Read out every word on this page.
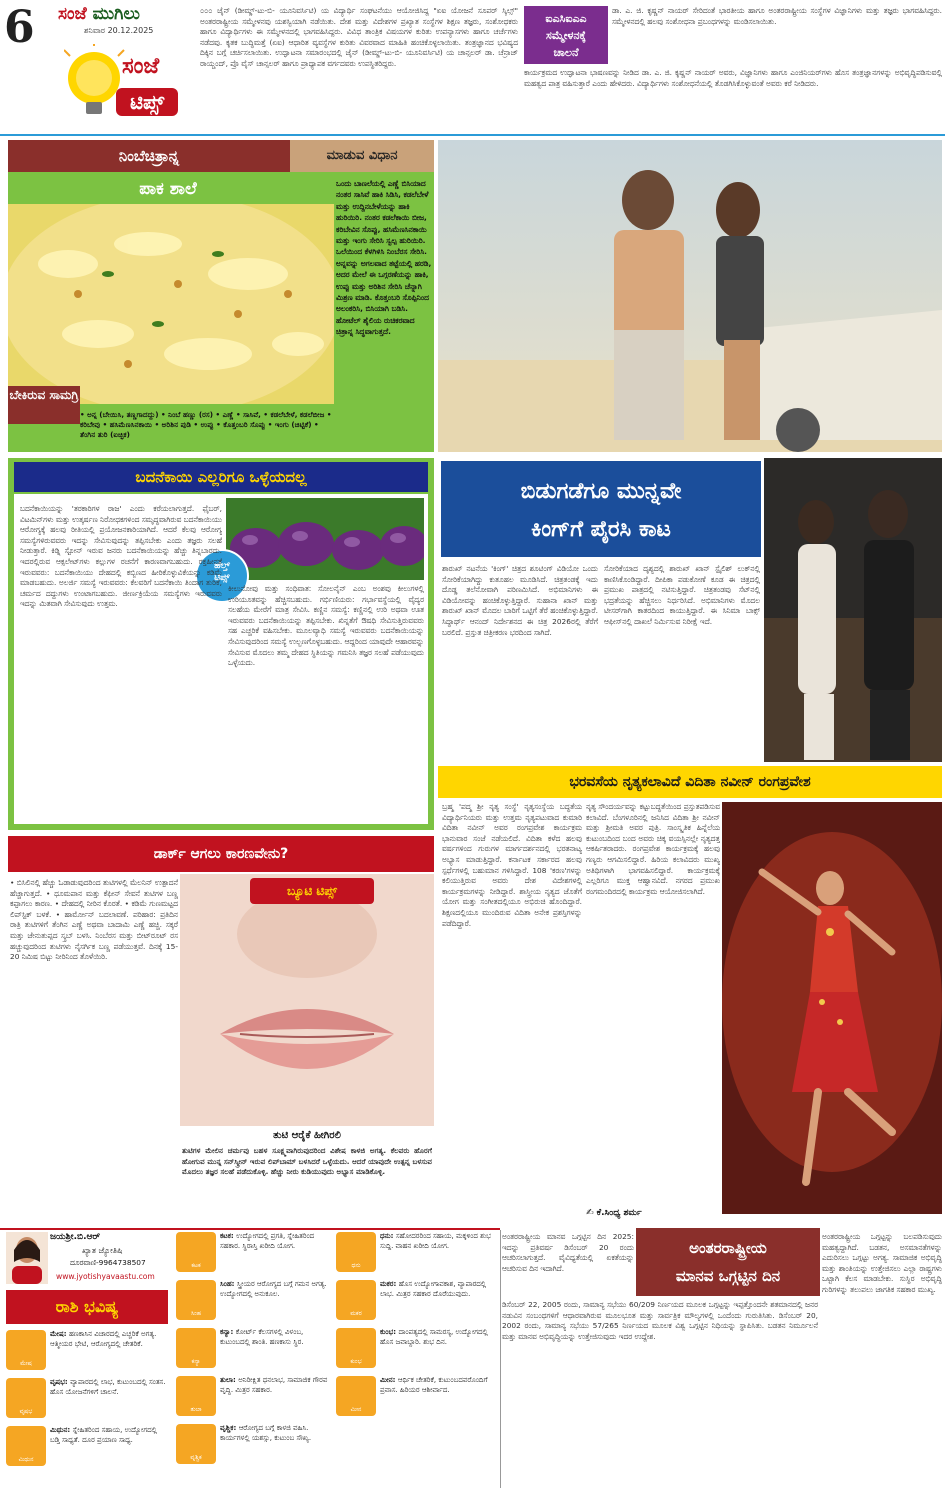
6 ಸಂಜೆ ಮುಗಿಲು
ಶನಿವಾರ 20.12.2025
ಸಂಜೆ
ಟಿಪ್ಸ್
೦೦೦ ಜೈನ್ (ಡೀಮ್ಡ್-ಟು-ಬಿ- ಯೂನಿವರ್ಸಿಟಿ) ಯ ವಿದ್ಯಾರ್ಥಿ ಸಂಘಟನೆಯು ಆಯೋಜಿಸಿದ್ದ "ಏಐ ಯೋಜನೆ ಸೂಪರ್ ಸ್ಕಿಲ್ಸ್" ಅಂತರರಾಷ್ಟ್ರೀಯ ಸಮ್ಮೇಳನವು ಯಶಸ್ವಿಯಾಗಿ ನಡೆಯಿತು. ದೇಶ ಮತ್ತು ವಿದೇಶಗಳ ಪ್ರಖ್ಯಾತ ಸಂಸ್ಥೆಗಳ ಶಿಕ್ಷಣ ತಜ್ಞರು, ಸಂಶೋಧಕರು ಹಾಗೂ ವಿದ್ಯಾರ್ಥಿಗಳು ಈ ಸಮ್ಮೇಳನದಲ್ಲಿ ಭಾಗವಹಿಸಿದ್ದರು. ವಿವಿಧ ತಾಂತ್ರಿಕ ವಿಷಯಗಳ ಕುರಿತು ಉಪನ್ಯಾಸಗಳು ಹಾಗೂ ಚರ್ಚೆಗಳು ನಡೆದವು. ಕೃತಕ ಬುದ್ಧಿಮತ್ತೆ (ಏಐ) ಆಧಾರಿತ ವ್ಯವಸ್ಥೆಗಳ ಕುರಿತು ವಿವರವಾದ ಮಾಹಿತಿ ಹಂಚಿಕೊಳ್ಳಲಾಯಿತು. ತಂತ್ರಜ್ಞಾನದ ಭವಿಷ್ಯದ ದಿಕ್ಕಿನ ಬಗ್ಗೆ ಚರ್ಚಿಸಲಾಯಿತು. ಉದ್ಘಾಟನಾ ಸಮಾರಂಭದಲ್ಲಿ ಜೈನ್ (ಡೀಮ್ಡ್-ಟು-ಬಿ- ಯೂನಿವರ್ಸಿಟಿ) ಯ ಚಾನ್ಸಲರ್ ಡಾ. ಚೆನ್ರಾಜ್ ರಾಯ್ಚಂದ್, ಪ್ರೊ ವೈಸ್ ಚಾನ್ಸಲರ್ ಹಾಗೂ ಪ್ರಾಧ್ಯಾಪಕ ವರ್ಗದವರು ಉಪಸ್ಥಿತರಿದ್ದರು.
ಐಎಸಿಐಎಎ
ಸಮ್ಮೇಳನಕ್ಕೆ
ಚಾಲನೆ
ಡಾ. ಎ. ಜಿ. ಕೃಷ್ಣನ್ ನಾಯರ್ ಸೇರಿದಂತೆ ಭಾರತೀಯ ಹಾಗೂ ಅಂತರರಾಷ್ಟ್ರೀಯ ಸಂಸ್ಥೆಗಳ ವಿಜ್ಞಾನಿಗಳು ಮತ್ತು ತಜ್ಞರು ಭಾಗವಹಿಸಿದ್ದರು. ಸಮ್ಮೇಳನದಲ್ಲಿ ಹಲವು ಸಂಶೋಧನಾ ಪ್ರಬಂಧಗಳನ್ನು ಮಂಡಿಸಲಾಯಿತು.
ಕಾರ್ಯಕ್ರಮದ ಉದ್ಘಾಟನಾ ಭಾಷಣವನ್ನು ನೀಡಿದ ಡಾ. ಎ. ಜಿ. ಕೃಷ್ಣನ್ ನಾಯರ್ ಅವರು, ವಿಜ್ಞಾನಿಗಳು ಹಾಗೂ ಎಂಜಿನಿಯರ್‌ಗಳು ಹೊಸ ತಂತ್ರಜ್ಞಾನಗಳನ್ನು ಅಭಿವೃದ್ಧಿಪಡಿಸುವಲ್ಲಿ ಮಹತ್ವದ ಪಾತ್ರ ವಹಿಸುತ್ತಾರೆ ಎಂದು ಹೇಳಿದರು. ವಿದ್ಯಾರ್ಥಿಗಳು ಸಂಶೋಧನೆಯಲ್ಲಿ ತೊಡಗಿಸಿಕೊಳ್ಳುವಂತೆ ಅವರು ಕರೆ ನೀಡಿದರು.
ನಿಂಬೆಚಿತ್ರಾನ್ನ	ಮಾಡುವ ವಿಧಾನ
ಪಾಕ ಶಾಲೆ	ಒಂದು ಬಾಣಲೆಯಲ್ಲಿ ಎಣ್ಣೆ ಬಿಸಿಯಾದ ನಂತರ ಸಾಸಿವೆ ಹಾಕಿ ಸಿಡಿಸಿ, ಕಡಲೆಬೇಳೆ ಮತ್ತು ಉದ್ದಿನಬೇಳೆಯನ್ನು ಹಾಕಿ ಹುರಿಯಿರಿ. ನಂತರ ಕಡಲೆಕಾಯಿ ಬೀಜ, ಕರಿಬೇವಿನ ಸೊಪ್ಪು, ಹಸಿಮೆಣಸಿನಕಾಯಿ ಮತ್ತು ಇಂಗು ಸೇರಿಸಿ ಸ್ವಲ್ಪ ಹುರಿಯಿರಿ. ಒಲೆಯಿಂದ ಕೆಳಗಿಳಿಸಿ ನಿಂಬೆರಸ ಸೇರಿಸಿ. ಅನ್ನವನ್ನು ಅಗಲವಾದ ತಟ್ಟೆಯಲ್ಲಿ ಹರಡಿ, ಅದರ ಮೇಲೆ ಈ ಒಗ್ಗರಣೆಯನ್ನು ಹಾಕಿ, ಉಪ್ಪು ಮತ್ತು ಅರಿಶಿನ ಸೇರಿಸಿ ಚೆನ್ನಾಗಿ ಮಿಶ್ರಣ ಮಾಡಿ. ಕೊತ್ತಂಬರಿ ಸೊಪ್ಪಿನಿಂದ ಅಲಂಕರಿಸಿ, ಬಿಸಿಯಾಗಿ ಬಡಿಸಿ. ಹೋಟೆಲ್ ಶೈಲಿಯ ರುಚಿಕರವಾದ ಚಿತ್ರಾನ್ನ ಸಿದ್ಧವಾಗುತ್ತದೆ.
ಬೇಕಿರುವ ಸಾಮಗ್ರಿ
• ಅನ್ನ (ಬೇಯಿಸಿ, ತಣ್ಣಗಾದದ್ದು) • ನಿಂಬೆ ಹಣ್ಣು (ರಸ) • ಎಣ್ಣೆ • ಸಾಸಿವೆ, • ಕಡಲೆಬೇಳೆ, ಕಡಲೆಬೀಜ • ಕರಿಬೇವು • ಹಸಿಮೆಣಸಿನಕಾಯಿ • ಅರಿಶಿನ ಪುಡಿ • ಉಪ್ಪು • ಕೊತ್ತಂಬರಿ ಸೊಪ್ಪು • ಇಂಗು (ಚಿಟ್ಟಿಕೆ) • ತೆಂಗಿನ ತುರಿ (ಐಚ್ಛಿಕ)
ಬದನೆಕಾಯಿ ಎಲ್ಲರಿಗೂ ಒಳ್ಳೆಯದಲ್ಲ
ಹೆಲ್ತ್
ಟಿಪ್ಸ್
ಬದನೆಕಾಯಿಯನ್ನು 'ತರಕಾರಿಗಳ ರಾಜ' ಎಂದು ಕರೆಯಲಾಗುತ್ತದೆ. ಫೈಬರ್, ವಿಟಮಿನ್‌ಗಳು ಮತ್ತು ಉತ್ಕರ್ಷಣ ನಿರೋಧಕಗಳಿಂದ ಸಮೃದ್ಧವಾಗಿರುವ ಬದನೆಕಾಯಿಯು ಆರೋಗ್ಯಕ್ಕೆ ಹಲವು ರೀತಿಯಲ್ಲಿ ಪ್ರಯೋಜನಕಾರಿಯಾಗಿದೆ. ಆದರೆ ಕೆಲವು ಆರೋಗ್ಯ ಸಮಸ್ಯೆಗಳಿರುವವರು ಇದನ್ನು ಸೇವಿಸುವುದನ್ನು ತಪ್ಪಿಸಬೇಕು ಎಂದು ತಜ್ಞರು ಸಲಹೆ ನೀಡುತ್ತಾರೆ. ಕಿಡ್ನಿ ಸ್ಟೋನ್ ಇರುವ ಜನರು ಬದನೆಕಾಯಿಯನ್ನು ಹೆಚ್ಚು ತಿನ್ನಬಾರದು. ಇದರಲ್ಲಿರುವ ಆಕ್ಸಲೇಟ್‌ಗಳು ಕಲ್ಲುಗಳ ರಚನೆಗೆ ಕಾರಣವಾಗಬಹುದು. ರಕ್ತಹೀನತೆ ಇರುವವರು: ಬದನೆಕಾಯಿಯು ದೇಹದಲ್ಲಿ ಕಬ್ಬಿಣದ ಹೀರಿಕೊಳ್ಳುವಿಕೆಯನ್ನು ಕಡಿಮೆ ಮಾಡಬಹುದು. ಅಲರ್ಜಿ ಸಮಸ್ಯೆ ಇರುವವರು: ಕೆಲವರಿಗೆ ಬದನೆಕಾಯಿ ತಿಂದಾಗ ತುರಿಕೆ, ಚರ್ಮದ ದದ್ದುಗಳು ಉಂಟಾಗಬಹುದು. ಜೀರ್ಣಕ್ರಿಯೆಯ ಸಮಸ್ಯೆಗಳು ಇರುವವರು ಇದನ್ನು ಮಿತವಾಗಿ ಸೇವಿಸುವುದು ಉತ್ತಮ.
ಕೀಲುನೋವು ಮತ್ತು ಸಂಧಿವಾತ: ಸೋಲನೈನ್ ಎಂಬ ಅಂಶವು ಕೀಲುಗಳಲ್ಲಿ ಉರಿಯೂತವನ್ನು ಹೆಚ್ಚಿಸಬಹುದು. ಗರ್ಭಿಣಿಯರು: ಗರ್ಭಾವಸ್ಥೆಯಲ್ಲಿ ವೈದ್ಯರ ಸಲಹೆಯ ಮೇರೆಗೆ ಮಾತ್ರ ಸೇವಿಸಿ. ಕಣ್ಣಿನ ಸಮಸ್ಯೆ: ಕಣ್ಣಿನಲ್ಲಿ ಉರಿ ಅಥವಾ ಊತ ಇರುವವರು ಬದನೆಕಾಯಿಯನ್ನು ತಪ್ಪಿಸಬೇಕು. ಖಿನ್ನತೆಗೆ ಔಷಧಿ ಸೇವಿಸುತ್ತಿರುವವರು ಸಹ ಎಚ್ಚರಿಕೆ ವಹಿಸಬೇಕು. ಮೂಲವ್ಯಾಧಿ ಸಮಸ್ಯೆ ಇರುವವರು ಬದನೆಕಾಯಿಯನ್ನು ಸೇವಿಸುವುದರಿಂದ ಸಮಸ್ಯೆ ಉಲ್ಬಣಗೊಳ್ಳಬಹುದು. ಆದ್ದರಿಂದ ಯಾವುದೇ ಆಹಾರವನ್ನು ಸೇವಿಸುವ ಮೊದಲು ತಮ್ಮ ದೇಹದ ಸ್ಥಿತಿಯನ್ನು ಗಮನಿಸಿ ತಜ್ಞರ ಸಲಹೆ ಪಡೆಯುವುದು ಒಳ್ಳೆಯದು.
ಬಿಡುಗಡೆಗೂ ಮುನ್ನವೇ
ಕಿಂಗ್‌ಗೆ ಪೈರಸಿ ಕಾಟ
ಶಾರುಖ್ ನಟನೆಯ 'ಕಿಂಗ್' ಚಿತ್ರದ ಶೂಟಿಂಗ್ ವಿಡಿಯೋ ಒಂದು ಸೋರಿಕೆಯಾಗಿದ್ದು ಕುತೂಹಲ ಮೂಡಿಸಿದೆ. ಚಿತ್ರತಂಡಕ್ಕೆ ಇದು ದೊಡ್ಡ ತಲೆನೋವಾಗಿ ಪರಿಣಮಿಸಿದೆ. ಅಭಿಮಾನಿಗಳು ಈ ವಿಡಿಯೋವನ್ನು ಹಂಚಿಕೊಳ್ಳುತ್ತಿದ್ದಾರೆ. ಸುಹಾನಾ ಖಾನ್ ಮತ್ತು ಶಾರುಖ್ ಖಾನ್ ಮೊದಲ ಬಾರಿಗೆ ಒಟ್ಟಿಗೆ ತೆರೆ ಹಂಚಿಕೊಳ್ಳುತ್ತಿದ್ದಾರೆ. ಸಿದ್ಧಾರ್ಥ್ ಆನಂದ್ ನಿರ್ದೇಶನದ ಈ ಚಿತ್ರ 2026ರಲ್ಲಿ ತೆರೆಗೆ ಬರಲಿದೆ. ಪ್ರಸ್ತುತ ಚಿತ್ರೀಕರಣ ಭರದಿಂದ ಸಾಗಿದೆ.
ಸೋರಿಕೆಯಾದ ದೃಶ್ಯದಲ್ಲಿ ಶಾರುಖ್ ಖಾನ್ ಸ್ಟೈಲಿಶ್ ಲುಕ್‌ನಲ್ಲಿ ಕಾಣಿಸಿಕೊಂಡಿದ್ದಾರೆ. ದೀಪಿಕಾ ಪಡುಕೋಣೆ ಕೂಡ ಈ ಚಿತ್ರದಲ್ಲಿ ಪ್ರಮುಖ ಪಾತ್ರದಲ್ಲಿ ನಟಿಸುತ್ತಿದ್ದಾರೆ. ಚಿತ್ರತಂಡವು ಸೆಟ್‌ನಲ್ಲಿ ಭದ್ರತೆಯನ್ನು ಹೆಚ್ಚಿಸಲು ನಿರ್ಧರಿಸಿದೆ. ಅಭಿಮಾನಿಗಳು ಮೊದಲ ಟೀಸರ್‌ಗಾಗಿ ಕಾತರದಿಂದ ಕಾಯುತ್ತಿದ್ದಾರೆ. ಈ ಸಿನಿಮಾ ಬಾಕ್ಸ್ ಆಫೀಸ್‌ನಲ್ಲಿ ದಾಖಲೆ ನಿರ್ಮಿಸುವ ನಿರೀಕ್ಷೆ ಇದೆ.
ಭರವಸೆಯ ನೃತ್ಯಕಲಾವಿದೆ ವಿದಿತಾ ನವೀನ್ ರಂಗಪ್ರವೇಶ
ಬ್ರಹ್ಮ 'ಪದ್ಮ ಶ್ರೀ ನೃತ್ಯ ಸಂಸ್ಥೆ' ನೃತ್ಯಸಂಸ್ಥೆಯ ಬದ್ಧತೆಯ ವಿದ್ಯಾರ್ಥಿನಿಯರು ಮತ್ತು ಉತ್ತಮ ನೃತ್ಯಪಟುವಾದ ಕುಮಾರಿ ವಿದಿತಾ ನವೀನ್ ಅವರ ರಂಗಪ್ರವೇಶ ಕಾರ್ಯಕ್ರಮ ಭಾನುವಾರ ಸಂಜೆ ನಡೆಯಲಿದೆ. ವಿದಿತಾ ಕಳೆದ ಹಲವು ವರ್ಷಗಳಿಂದ ಗುರುಗಳ ಮಾರ್ಗದರ್ಶನದಲ್ಲಿ ಭರತನಾಟ್ಯ ಅಭ್ಯಾಸ ಮಾಡುತ್ತಿದ್ದಾರೆ. ಕರ್ನಾಟಕ ಸರ್ಕಾರದ ಹಲವು ಸ್ಪರ್ಧೆಗಳಲ್ಲಿ ಬಹುಮಾನ ಗಳಿಸಿದ್ದಾರೆ. 108 'ಕರಣ'ಗಳನ್ನು ಕಲಿಯುತ್ತಿರುವ ಅವರು ದೇಶ ವಿದೇಶಗಳಲ್ಲಿ ಕಾರ್ಯಕ್ರಮಗಳನ್ನು ನೀಡಿದ್ದಾರೆ. ಶಾಸ್ತ್ರೀಯ ನೃತ್ಯದ ಜೊತೆಗೆ ಯೋಗ ಮತ್ತು ಸಂಗೀತದಲ್ಲಿಯೂ ಅಭಿರುಚಿ ಹೊಂದಿದ್ದಾರೆ. ಶಿಕ್ಷಣದಲ್ಲಿಯೂ ಮುಂದಿರುವ ವಿದಿತಾ ಅನೇಕ ಪ್ರಶಸ್ತಿಗಳನ್ನು ಪಡೆದಿದ್ದಾರೆ.
ನೃತ್ಯ ಸೌಂದರ್ಯವನ್ನು ಕಟ್ಟುಬದ್ಧತೆಯಿಂದ ಪ್ರಸ್ತುತಪಡಿಸುವ ಕಲಾವಿದೆ. ಬೆಂಗಳೂರಿನಲ್ಲಿ ಜನಿಸಿದ ವಿದಿತಾ ಶ್ರೀ ನವೀನ್ ಮತ್ತು ಶ್ರೀಮತಿ ಅವರ ಪುತ್ರಿ. ಸಾಂಸ್ಕೃತಿಕ ಹಿನ್ನೆಲೆಯ ಕುಟುಂಬದಿಂದ ಬಂದ ಅವರು ಚಿಕ್ಕ ವಯಸ್ಸಿನಲ್ಲೇ ನೃತ್ಯದತ್ತ ಆಕರ್ಷಿತರಾದರು. ರಂಗಪ್ರವೇಶ ಕಾರ್ಯಕ್ರಮಕ್ಕೆ ಹಲವು ಗಣ್ಯರು ಆಗಮಿಸಲಿದ್ದಾರೆ. ಹಿರಿಯ ಕಲಾವಿದರು ಮುಖ್ಯ ಅತಿಥಿಗಳಾಗಿ ಭಾಗವಹಿಸಲಿದ್ದಾರೆ. ಕಾರ್ಯಕ್ರಮಕ್ಕೆ ಎಲ್ಲರಿಗೂ ಮುಕ್ತ ಆಹ್ವಾನವಿದೆ. ನಗರದ ಪ್ರಮುಖ ರಂಗಮಂದಿರದಲ್ಲಿ ಕಾರ್ಯಕ್ರಮ ಆಯೋಜಿಸಲಾಗಿದೆ.
✍ ಕೆ.ಸಿಂಧ್ಯ ಶರ್ಮ
ಡಾರ್ಕ್ ಆಗಲು ಕಾರಣವೇನು?
• ಬಿಸಿಲಿನಲ್ಲಿ ಹೆಚ್ಚು ಓಡಾಡುವುದರಿಂದ ತುಟಿಗಳಲ್ಲಿ ಮೆಲನಿನ್ ಉತ್ಪಾದನೆ ಹೆಚ್ಚಾಗುತ್ತದೆ. • ಧೂಮಪಾನ ಮತ್ತು ಕೆಫೀನ್ ಸೇವನೆ ತುಟಿಗಳ ಬಣ್ಣ ಕಪ್ಪಾಗಲು ಕಾರಣ. • ದೇಹದಲ್ಲಿ ನೀರಿನ ಕೊರತೆ. • ಕಡಿಮೆ ಗುಣಮಟ್ಟದ ಲಿಪ್‌ಸ್ಟಿಕ್ ಬಳಕೆ. • ಹಾರ್ಮೋನ್ ಬದಲಾವಣೆ. ಪರಿಹಾರ: ಪ್ರತಿದಿನ ರಾತ್ರಿ ತುಟಿಗಳಿಗೆ ತೆಂಗಿನ ಎಣ್ಣೆ ಅಥವಾ ಬಾದಾಮಿ ಎಣ್ಣೆ ಹಚ್ಚಿ. ಸಕ್ಕರೆ ಮತ್ತು ಜೇನುತುಪ್ಪದ ಸ್ಕ್ರಬ್ ಬಳಸಿ. ನಿಂಬೆರಸ ಮತ್ತು ಬೀಟ್‌ರೂಟ್ ರಸ ಹಚ್ಚುವುದರಿಂದ ತುಟಿಗಳು ನೈಸರ್ಗಿಕ ಬಣ್ಣ ಪಡೆಯುತ್ತವೆ. ದಿನಕ್ಕೆ 15-20 ನಿಮಿಷ ಬಿಟ್ಟು ನೀರಿನಿಂದ ತೊಳೆಯಿರಿ.
ಬ್ಯೂಟಿ ಟಿಪ್ಸ್
ತುಟಿ ಆರೈಕೆ ಹೀಗಿರಲಿ
ತುಟಿಗಳ ಮೇಲಿನ ಚರ್ಮವು ಬಹಳ ಸೂಕ್ಷ್ಮವಾಗಿರುವುದರಿಂದ ವಿಶೇಷ ಕಾಳಜಿ ಅಗತ್ಯ. ಕೆಲವರು ಹೊರಗೆ ಹೋಗುವ ಮುನ್ನ ಸನ್‌ಸ್ಕ್ರೀನ್ ಇರುವ ಲಿಪ್‌ಬಾಮ್ ಬಳಸಿದರೆ ಒಳ್ಳೆಯದು. ಆದರೆ ಯಾವುದೇ ಉತ್ಪನ್ನ ಬಳಸುವ ಮೊದಲು ತಜ್ಞರ ಸಲಹೆ ಪಡೆದುಕೊಳ್ಳಿ. ಹೆಚ್ಚು ನೀರು ಕುಡಿಯುವುದು ಅಭ್ಯಾಸ ಮಾಡಿಕೊಳ್ಳಿ.
ಜಯಶ್ರೀ.ಬಿ.ಆರ್
ಖ್ಯಾತ ಜ್ಯೋತಿಷಿ
ದೂರವಾಣಿ-9964738507
www.jyotishyavaastu.com
ರಾಶಿ ಭವಿಷ್ಯ
ಮೇಷ
ಮೇಷ: ಹಣಕಾಸಿನ ವಿಚಾರದಲ್ಲಿ ಎಚ್ಚರಿಕೆ ಅಗತ್ಯ. ಆತ್ಮೀಯರ ಭೇಟಿ, ಆರೋಗ್ಯದಲ್ಲಿ ಚೇತರಿಕೆ.
ವೃಷಭ
ವೃಷಭ: ವ್ಯಾಪಾರದಲ್ಲಿ ಲಾಭ, ಕುಟುಂಬದಲ್ಲಿ ಸಂತಸ. ಹೊಸ ಯೋಜನೆಗಳಿಗೆ ಚಾಲನೆ.
ಮಿಥುನ
ಮಿಥುನ: ಸ್ನೇಹಿತರಿಂದ ಸಹಾಯ, ಉದ್ಯೋಗದಲ್ಲಿ ಬಡ್ತಿ ಸಾಧ್ಯತೆ. ದೂರ ಪ್ರಯಾಣ ಸಾಧ್ಯ.
ಕಟಕ
ಕಟಕ: ಉದ್ಯೋಗದಲ್ಲಿ ಪ್ರಗತಿ, ಸ್ನೇಹಿತರಿಂದ ಸಹಕಾರ. ಸ್ಥಿರಾಸ್ತಿ ಖರೀದಿ ಯೋಗ.
ಸಿಂಹ
ಸಿಂಹ: ಸ್ತ್ರೀಯರ ಆರೋಗ್ಯದ ಬಗ್ಗೆ ಗಮನ ಅಗತ್ಯ. ಉದ್ಯೋಗದಲ್ಲಿ ಅನುಕೂಲ.
ಕನ್ಯಾ
ಕನ್ಯಾ: ಕೋರ್ಟ್ ಕೆಲಸಗಳಲ್ಲಿ ವಿಳಂಬ, ಕುಟುಂಬದಲ್ಲಿ ಶಾಂತಿ. ಹಣಕಾಸು ಸ್ಥಿರ.
ತುಲಾ
ತುಲಾ: ಅನಿರೀಕ್ಷಿತ ಧನಲಾಭ, ಸಾಮಾಜಿಕ ಗೌರವ ವೃದ್ಧಿ. ಮಿತ್ರರ ಸಹಕಾರ.
ವೃಶ್ಚಿಕ
ವೃಶ್ಚಿಕ: ಆರೋಗ್ಯದ ಬಗ್ಗೆ ಕಾಳಜಿ ವಹಿಸಿ. ಕಾರ್ಯಗಳಲ್ಲಿ ಯಶಸ್ಸು, ಕುಟುಂಬ ಸೌಖ್ಯ.
ಧನು
ಧನು: ಸಹೋದರರಿಂದ ಸಹಾಯ, ಮಕ್ಕಳಿಂದ ಶುಭ ಸುದ್ದಿ. ವಾಹನ ಖರೀದಿ ಯೋಗ.
ಮಕರ
ಮಕರ: ಹೊಸ ಉದ್ಯೋಗಾವಕಾಶ, ವ್ಯಾಪಾರದಲ್ಲಿ ಲಾಭ. ಮಿತ್ರರ ಸಹಕಾರ ದೊರೆಯುವುದು.
ಕುಂಭ
ಕುಂಭ: ದಾಂಪತ್ಯದಲ್ಲಿ ಸಾಮರಸ್ಯ, ಉದ್ಯೋಗದಲ್ಲಿ ಹೊಸ ಜವಾಬ್ದಾರಿ. ಶುಭ ದಿನ.
ಮೀನ
ಮೀನ: ಆರ್ಥಿಕ ಚೇತರಿಕೆ, ಕುಟುಂಬದವರೊಂದಿಗೆ ಪ್ರವಾಸ. ಹಿರಿಯರ ಆಶೀರ್ವಾದ.
ಅಂತರರಾಷ್ಟ್ರೀಯ ಮಾನವ ಒಗ್ಗಟ್ಟಿನ ದಿನ 2025: ಇದನ್ನು ಪ್ರತಿವರ್ಷ ಡಿಸೆಂಬರ್ 20 ರಂದು ಆಚರಿಸಲಾಗುತ್ತದೆ. ವೈವಿಧ್ಯತೆಯಲ್ಲಿ ಏಕತೆಯನ್ನು ಆಚರಿಸುವ ದಿನ ಇದಾಗಿದೆ.
ಅಂತರರಾಷ್ಟ್ರೀಯ
ಮಾನವ ಒಗ್ಗಟ್ಟಿನ ದಿನ
ಡಿಸೆಂಬರ್ 22, 2005 ರಂದು, ಸಾಮಾನ್ಯ ಸಭೆಯು 60/209 ನಿರ್ಣಯದ ಮೂಲಕ ಒಗ್ಗಟ್ಟನ್ನು ಇಪ್ಪತ್ತೊಂದನೇ ಶತಮಾನದಲ್ಲಿ ಜನರ ನಡುವಿನ ಸಂಬಂಧಗಳಿಗೆ ಆಧಾರವಾಗಿರುವ ಮೂಲಭೂತ ಮತ್ತು ಸಾರ್ವತ್ರಿಕ ಮೌಲ್ಯಗಳಲ್ಲಿ ಒಂದೆಂದು ಗುರುತಿಸಿತು. ಡಿಸೆಂಬರ್ 20, 2002 ರಂದು, ಸಾಮಾನ್ಯ ಸಭೆಯು 57/265 ನಿರ್ಣಯದ ಮೂಲಕ ವಿಶ್ವ ಒಗ್ಗಟ್ಟಿನ ನಿಧಿಯನ್ನು ಸ್ಥಾಪಿಸಿತು. ಬಡತನ ನಿರ್ಮೂಲನೆ ಮತ್ತು ಮಾನವ ಅಭಿವೃದ್ಧಿಯನ್ನು ಉತ್ತೇಜಿಸುವುದು ಇದರ ಉದ್ದೇಶ.
ಅಂತರರಾಷ್ಟ್ರೀಯ ಒಗ್ಗಟ್ಟನ್ನು ಬಲಪಡಿಸುವುದು ಮಹತ್ವದ್ದಾಗಿದೆ. ಬಡತನ, ಅಸಮಾನತೆಗಳನ್ನು ಎದುರಿಸಲು ಒಗ್ಗಟ್ಟು ಅಗತ್ಯ. ಸಾಮಾಜಿಕ ಅಭಿವೃದ್ಧಿ ಮತ್ತು ಶಾಂತಿಯನ್ನು ಉತ್ತೇಜಿಸಲು ಎಲ್ಲಾ ರಾಷ್ಟ್ರಗಳು ಒಟ್ಟಾಗಿ ಕೆಲಸ ಮಾಡಬೇಕು. ಸುಸ್ಥಿರ ಅಭಿವೃದ್ಧಿ ಗುರಿಗಳನ್ನು ತಲುಪಲು ಜಾಗತಿಕ ಸಹಕಾರ ಮುಖ್ಯ.
